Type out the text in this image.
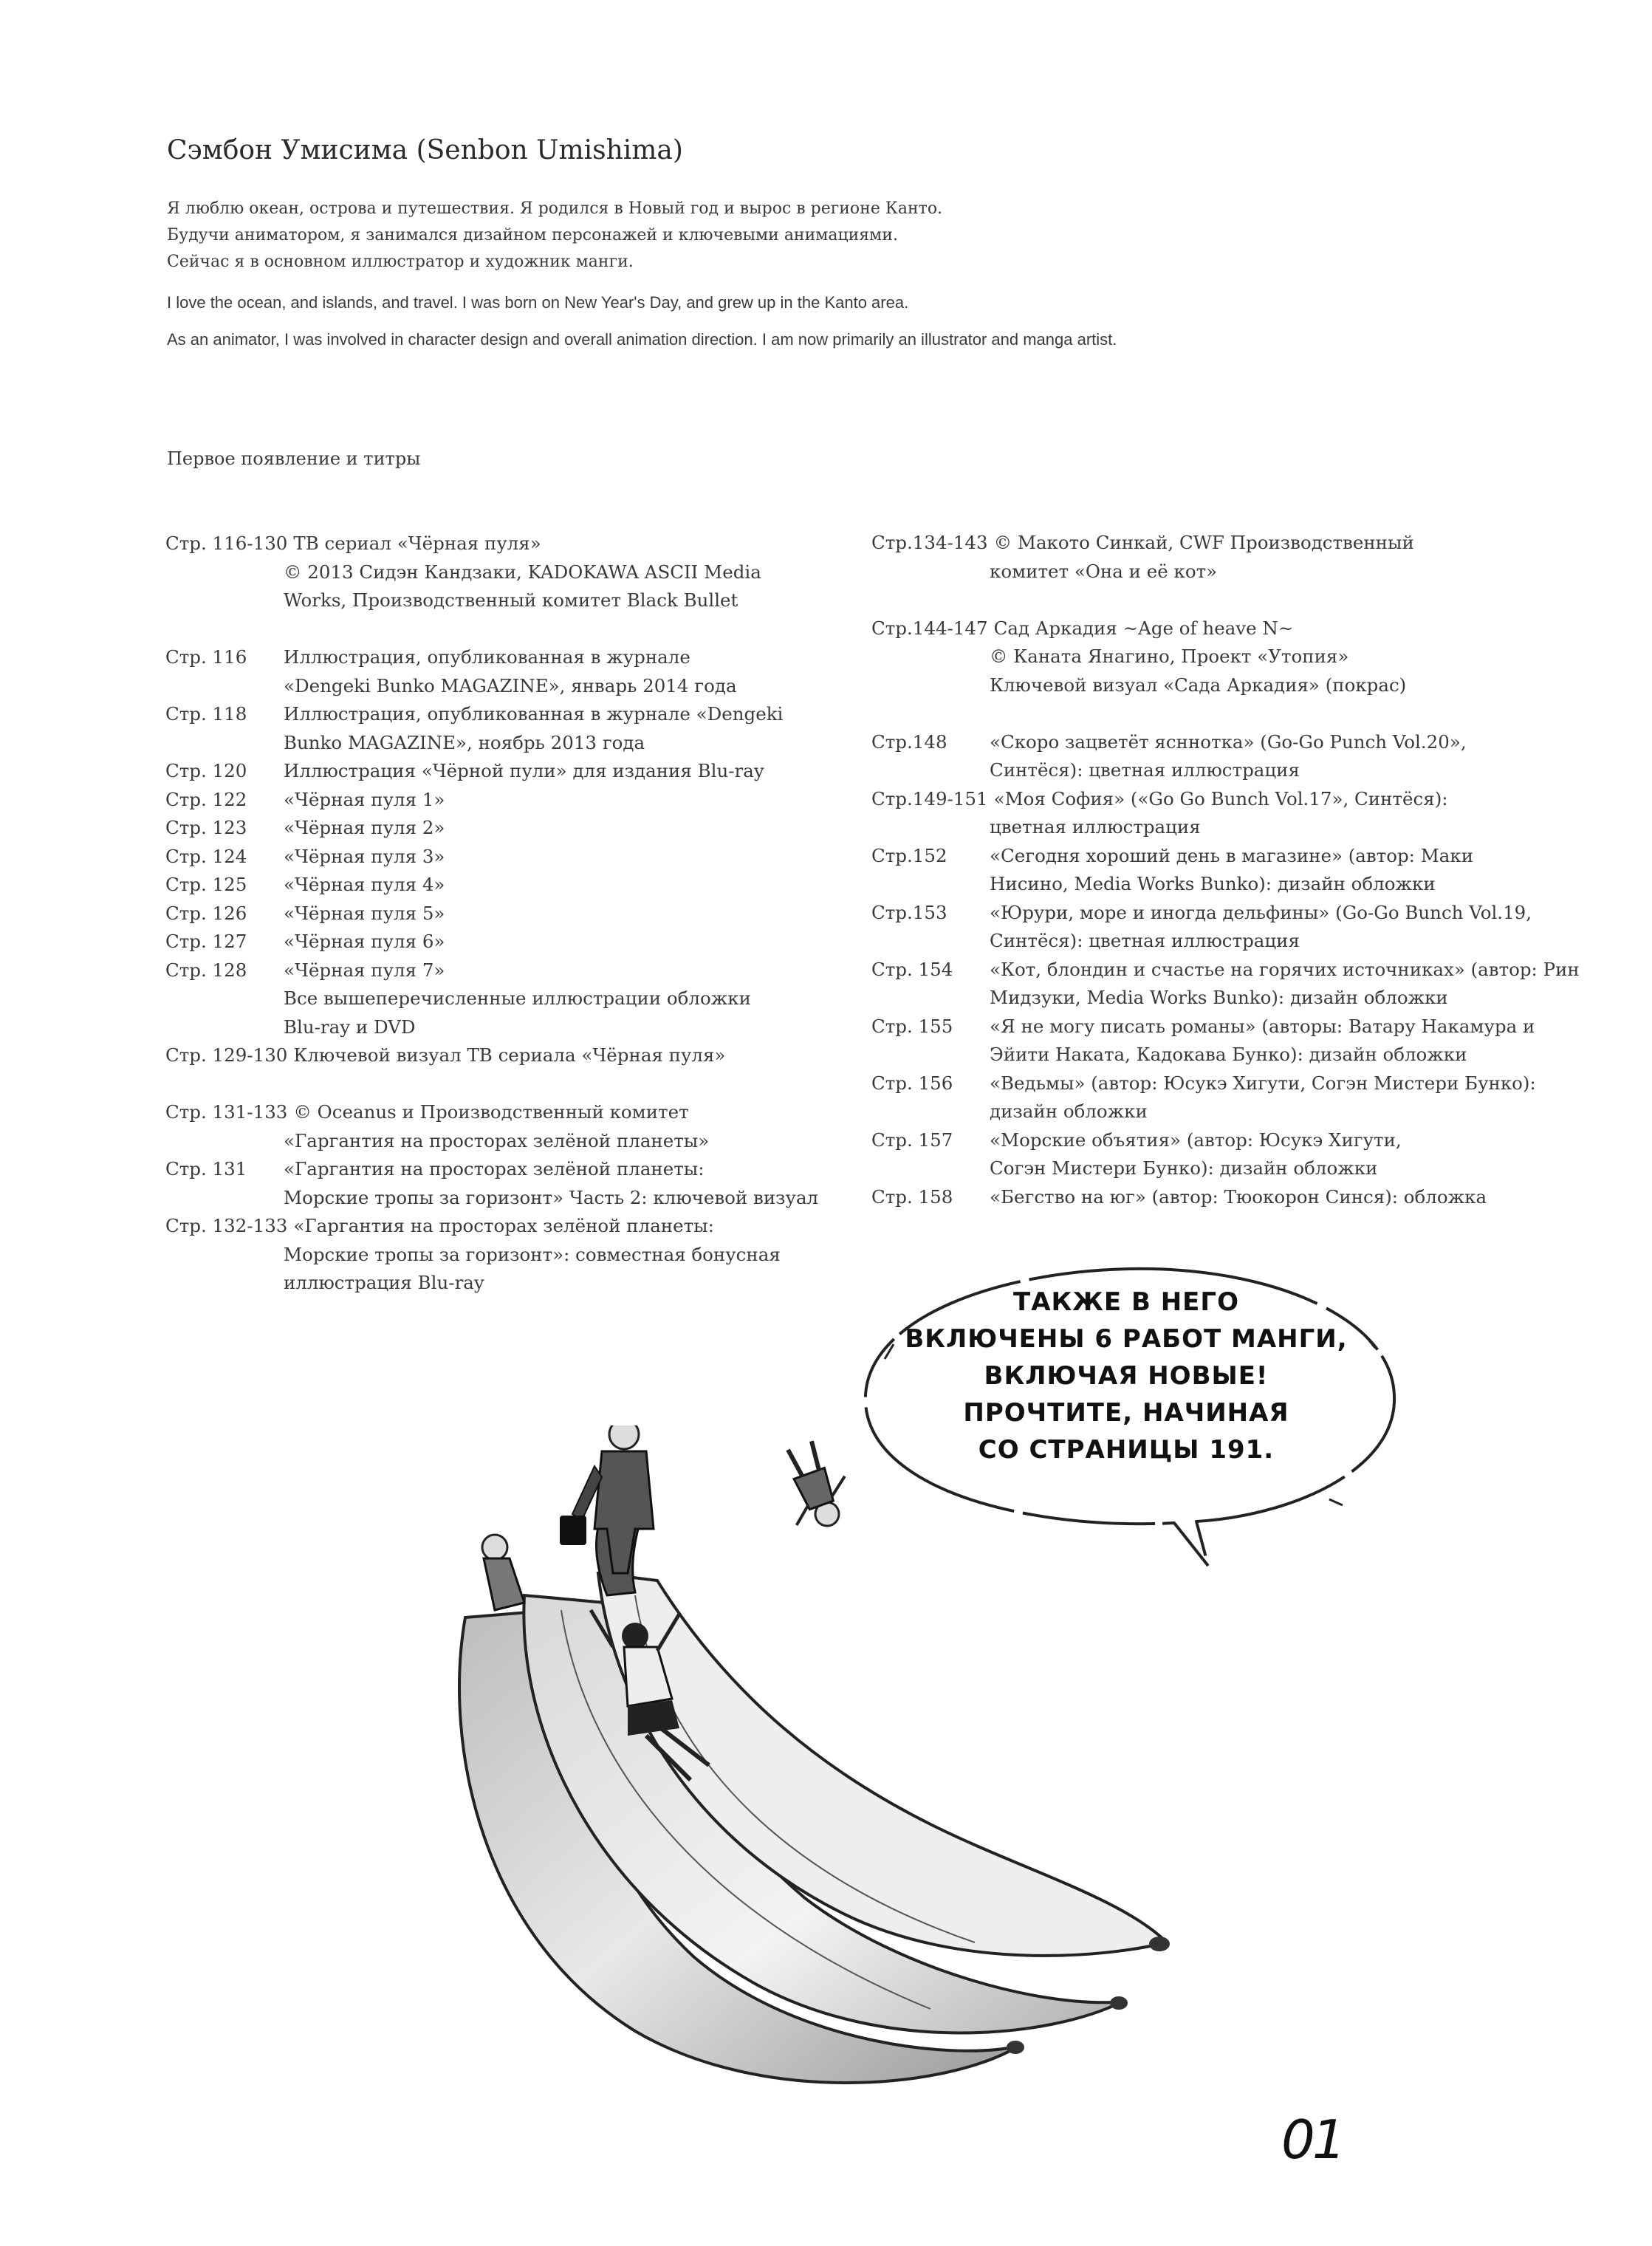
Сэмбон Умисима (Senbon Umishima)
Я люблю океан, острова и путешествия. Я родился в Новый год и вырос в регионе Канто.
Будучи аниматором, я занимался дизайном персонажей и ключевыми анимациями.
Сейчас я в основном иллюстратор и художник манги.
I love the ocean, and islands, and travel. I was born on New Year's Day, and grew up in the Kanto area.
As an animator, I was involved in character design and overall animation direction. I am now primarily an illustrator and manga artist.
Первое появление и титры
Стр. 116-130 ТВ сериал «Чёрная пуля»
© 2013 Сидэн Кандзаки, KADOKAWA ASCII Media
Works, Производственный комитет Black Bullet
Стр. 116	Иллюстрация, опубликованная в журнале
«Dengeki Bunko MAGAZINE», январь 2014 года
Стр. 118	Иллюстрация, опубликованная в журнале «Dengeki
Bunko MAGAZINE», ноябрь 2013 года
Стр. 120	Иллюстрация «Чёрной пули» для издания Blu-ray
Стр. 122	«Чёрная пуля 1»
Стр. 123	«Чёрная пуля 2»
Стр. 124	«Чёрная пуля 3»
Стр. 125	«Чёрная пуля 4»
Стр. 126	«Чёрная пуля 5»
Стр. 127	«Чёрная пуля 6»
Стр. 128	«Чёрная пуля 7»
Все вышеперечисленные иллюстрации обложки
Blu-ray и DVD
Стр. 129-130 Ключевой визуал ТВ сериала «Чёрная пуля»
Стр. 131-133 © Oceanus и Производственный комитет
«Гаргантия на просторах зелёной планеты»
Стр. 131	«Гаргантия на просторах зелёной планеты:
Морские тропы за горизонт» Часть 2: ключевой визуал
Стр. 132-133 «Гаргантия на просторах зелёной планеты:
Морские тропы за горизонт»: совместная бонусная
иллюстрация Blu-ray
Стр.134-143 © Макото Синкай, CWF Производственный
комитет «Она и её кот»
Стр.144-147 Сад Аркадия ~Age of heave N~
© Каната Янагино, Проект «Утопия»
Ключевой визуал «Сада Аркадия» (покрас)
Стр.148	«Скоро зацветёт ясннотка» (Go-Go Punch Vol.20»,
Синтёся): цветная иллюстрация
Стр.149-151 «Моя София» («Go Go Bunch Vol.17», Синтёся):
цветная иллюстрация
Стр.152	«Сегодня хороший день в магазине» (автор: Маки
Нисино, Media Works Bunko): дизайн обложки
Стр.153	«Юрури, море и иногда дельфины» (Go-Go Bunch Vol.19,
Синтёся): цветная иллюстрация
Стр. 154	«Кот, блондин и счастье на горячих источниках» (автор: Рин
Мидзуки, Media Works Bunko): дизайн обложки
Стр. 155	«Я не могу писать романы» (авторы: Ватару Накамура и
Эйити Наката, Кадокава Бунко): дизайн обложки
Стр. 156	«Ведьмы» (автор: Юсукэ Хигути, Согэн Мистери Бунко):
дизайн обложки
Стр. 157	«Морские объятия» (автор: Юсукэ Хигути,
Согэн Мистери Бунко): дизайн обложки
Стр. 158	«Бегство на юг» (автор: Тюокорон Синся): обложка
ТАКЖЕ В НЕГО
ВКЛЮЧЕНЫ 6 РАБОТ МАНГИ,
ВКЛЮЧАЯ НОВЫЕ!
ПРОЧТИТЕ, НАЧИНАЯ
СО СТРАНИЦЫ 191.
01
